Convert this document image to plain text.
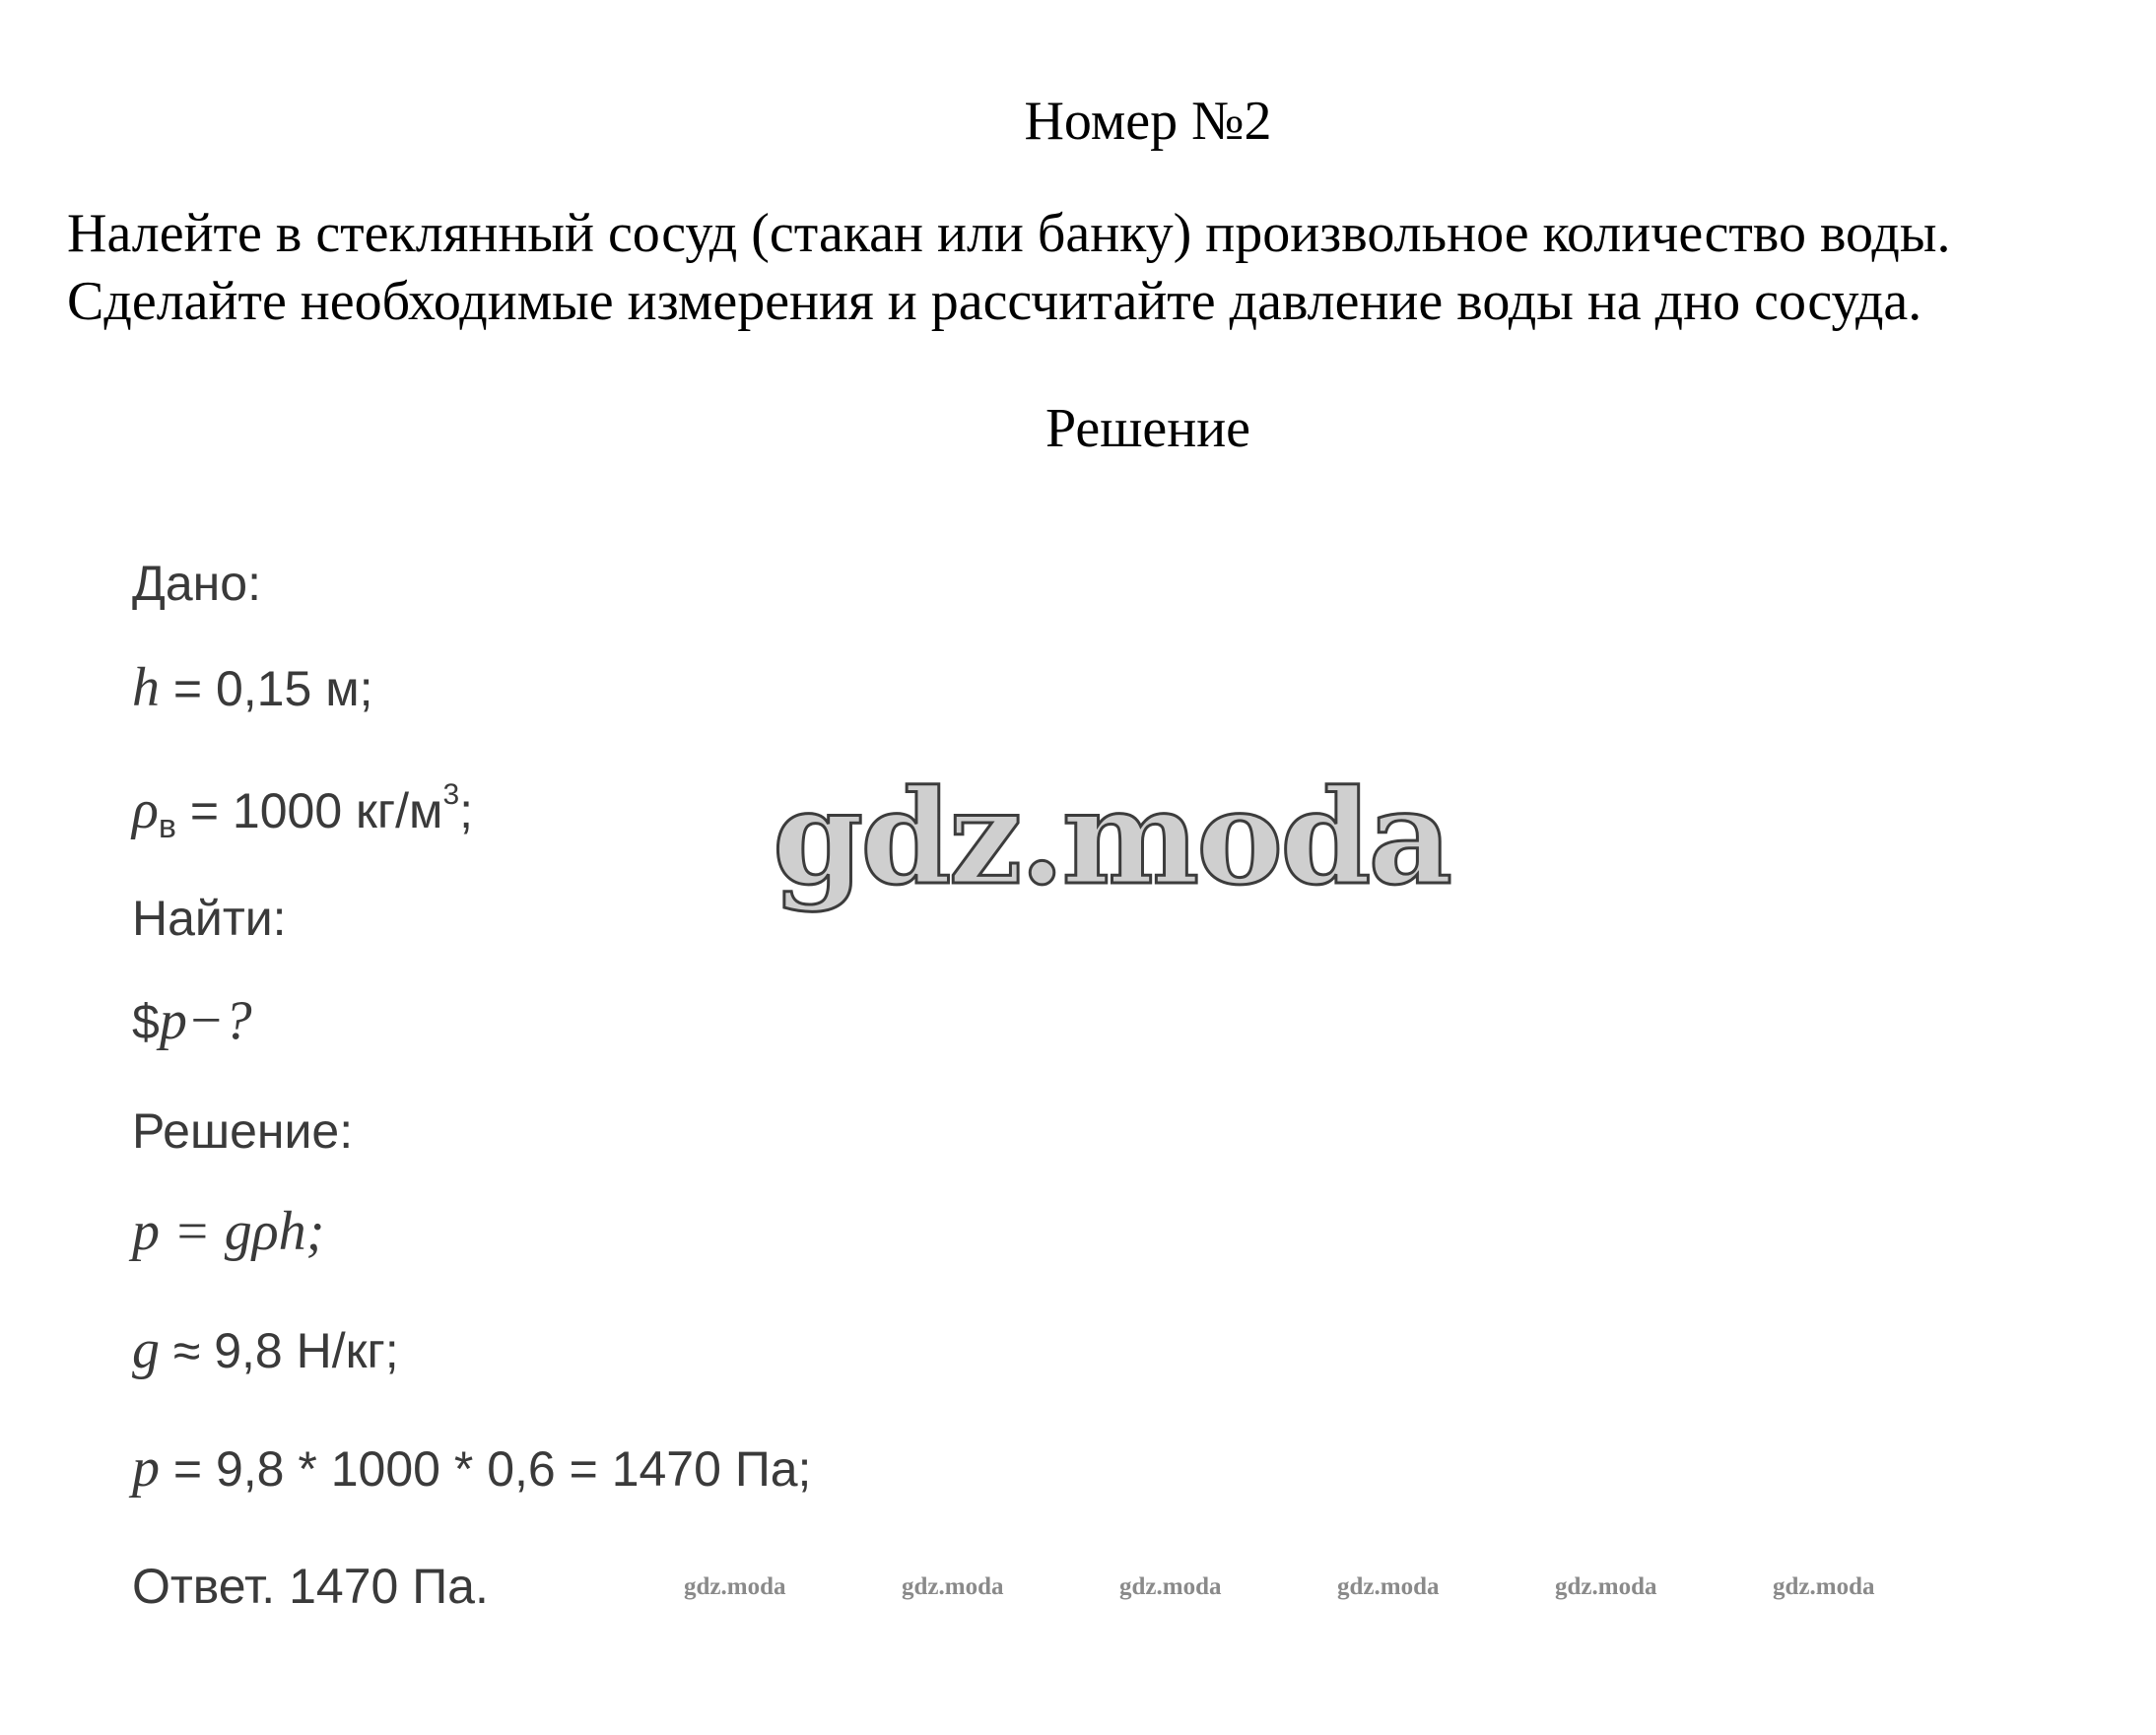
Номер №2
Налейте в стеклянный сосуд (стакан или банку) произвольное количество воды.
Сделайте необходимые измерения и рассчитайте давление воды на дно сосуда.
Решение
Дано:
h = 0,15 м;
$\rho_в = 1000$ $кг/м^3$;
Найти:
$p−?
Решение:
p = gρh;
g ≈ 9,8 Н/кг;
p = 9,8 * 1000 * 0,6 = 1470 Па;
Ответ. 1470 Па.
gdz.moda
gdz.moda	gdz.moda	gdz.moda	gdz.moda	gdz.moda	gdz.moda
